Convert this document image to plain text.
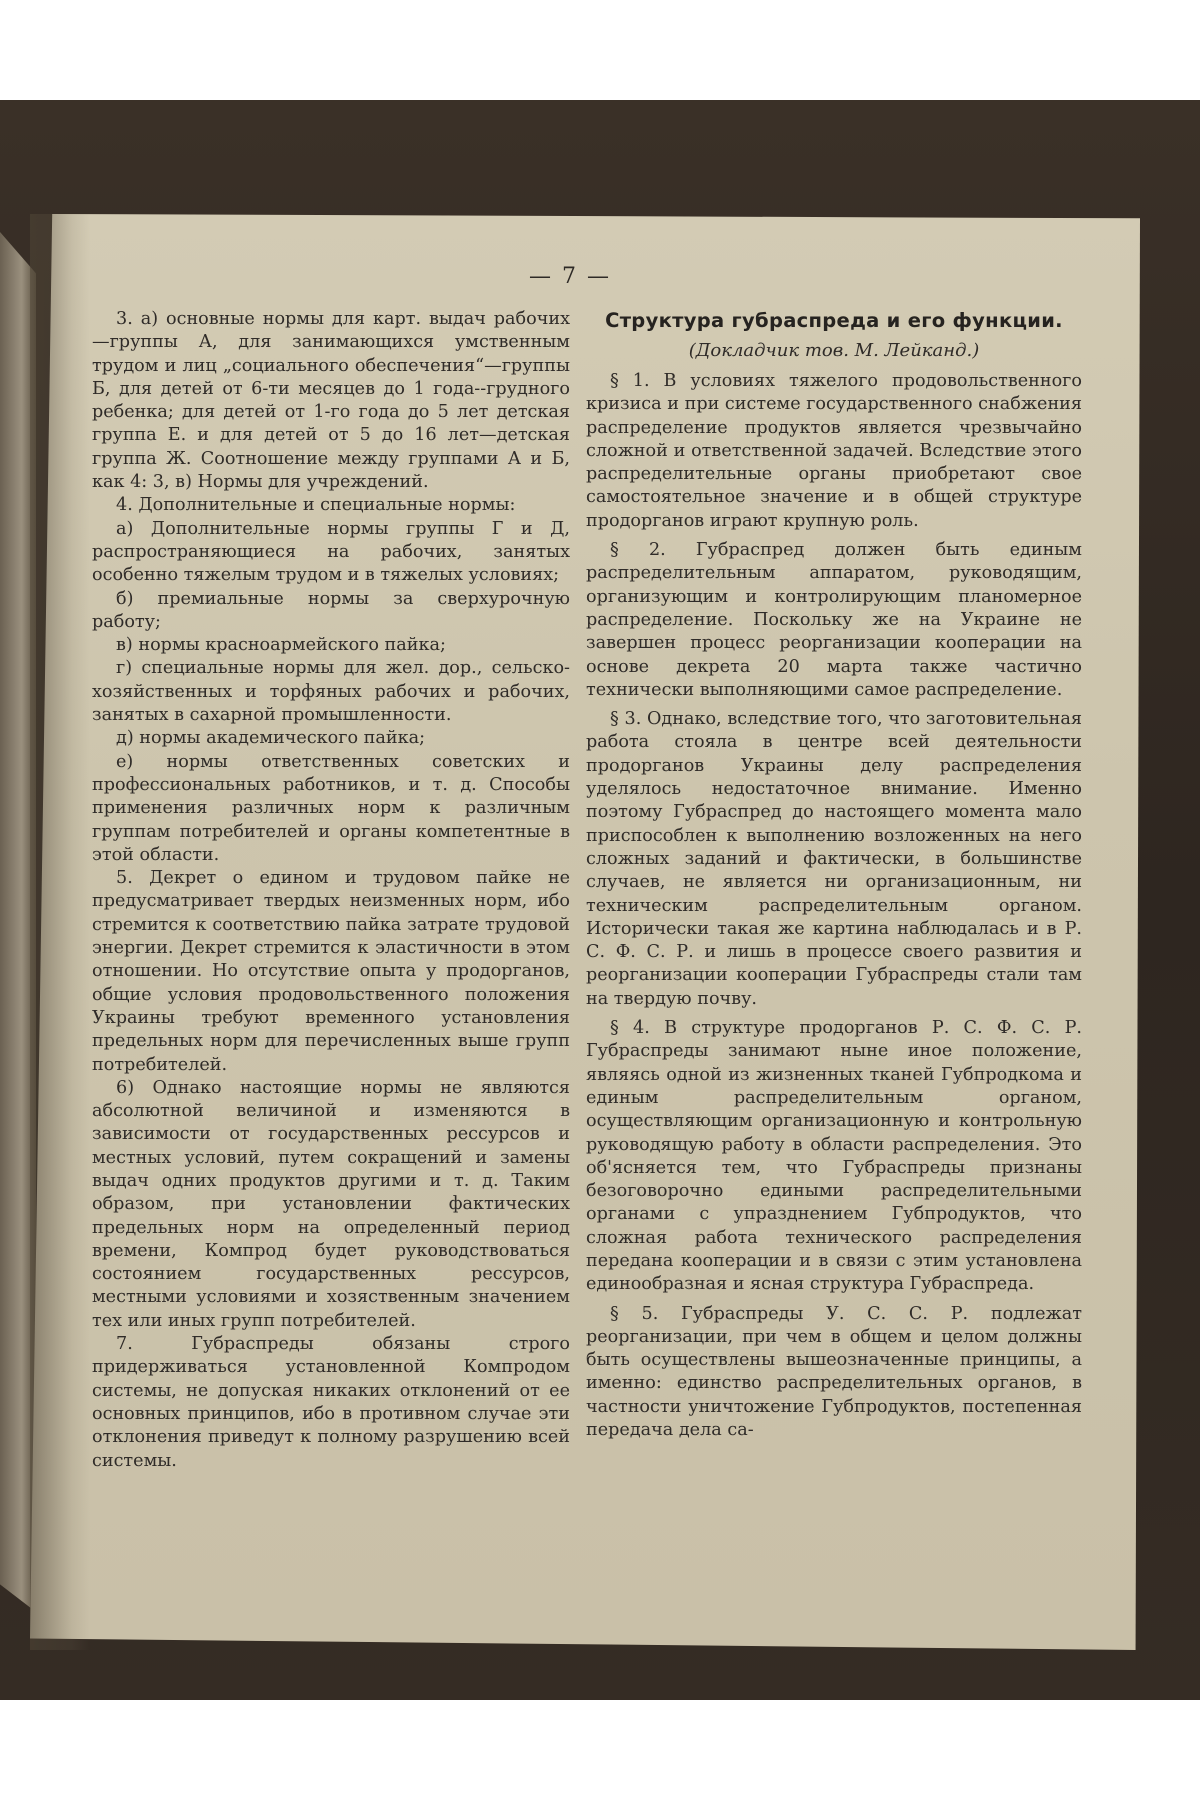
— 7 —

3. а) основные нормы для карт. выдач рабочих—группы А, для занимающихся умственным трудом и лиц „социального обеспечения“—группы Б, для детей от 6-ти месяцев до 1 года--грудного ребенка; для детей от 1-го года до 5 лет детская группа Е. и для детей от 5 до 16 лет—детская группа Ж. Соотношение между группами А и Б, как 4: 3, в) Нормы для учреждений.

4. Дополнительные и специальные нормы:

а) Дополнительные нормы группы Г и Д, распространяющиеся на рабочих, занятых особенно тяжелым трудом и в тяжелых условиях;

б) премиальные нормы за сверхурочную работу;

в) нормы красноармейского пайка;

г) специальные нормы для жел. дор., сельско-хозяйственных и торфяных рабочих и рабочих, занятых в сахарной промышленности.

д) нормы академического пайка;

е) нормы ответственных советских и профессиональных работников, и т. д. Способы применения различных норм к различным группам потребителей и органы компетентные в этой области.

5. Декрет о едином и трудовом пайке не предусматривает твердых неизменных норм, ибо стремится к соответствию пайка затрате трудовой энергии. Декрет стремится к эластичности в этом отношении. Но отсутствие опыта у продорганов, общие условия продовольственного положения Украины требуют временного установления предельных норм для перечисленных выше групп потребителей.

6) Однако настоящие нормы не являются абсолютной величиной и изменяются в зависимости от государственных рессурсов и местных условий, путем сокращений и замены выдач одних продуктов другими и т. д. Таким образом, при установлении фактических предельных норм на определенный период времени, Компрод будет руководствоваться состоянием государственных рессурсов, местными условиями и хозяственным значением тех или иных групп потребителей.

7. Губраспреды обязаны строго придерживаться установленной Компродом системы, не допуская никаких отклонений от ее основных принципов, ибо в противном случае эти отклонения приведут к полному разрушению всей системы.

Структура губраспреда и его функции.
(Докладчик тов. М. Лейканд.)

§ 1. В условиях тяжелого продовольственного кризиса и при системе государственного снабжения распределение продуктов является чрезвычайно сложной и ответственной задачей. Вследствие этого распределительные органы приобретают свое самостоятельное значение и в общей структуре продорганов играют крупную роль.

§ 2. Губраспред должен быть единым распределительным аппаратом, руководящим, организующим и контролирующим планомерное распределение. Поскольку же на Украине не завершен процесс реорганизации кооперации на основе декрета 20 марта также частично технически выполняющими самое распределение.

§ 3. Однако, вследствие того, что заготовительная работа стояла в центре всей деятельности продорганов Украины делу распределения уделялось недостаточное внимание. Именно поэтому Губраспред до настоящего момента мало приспособлен к выполнению возложенных на него сложных заданий и фактически, в большинстве случаев, не является ни организационным, ни техническим распределительным органом. Исторически такая же картина наблюдалась и в Р. С. Ф. С. Р. и лишь в процессе своего развития и реорганизации кооперации Губраспреды стали там на твердую почву.

§ 4. В структуре продорганов Р. С. Ф. С. Р. Губраспреды занимают ныне иное положение, являясь одной из жизненных тканей Губпродкома и единым распределительным органом, осуществляющим организационную и контрольную руководящую работу в области распределения. Это об'ясняется тем, что Губраспреды признаны безоговорочно едиными распределительными органами с упразднением Губпродуктов, что сложная работа технического распределения передана кооперации и в связи с этим установлена единообразная и ясная структура Губраспреда.

§ 5. Губраспреды У. С. С. Р. подлежат реорганизации, при чем в общем и целом должны быть осуществлены вышеозначенные принципы, а именно: единство распределительных органов, в частности уничтожение Губпродуктов, постепенная передача дела са-
